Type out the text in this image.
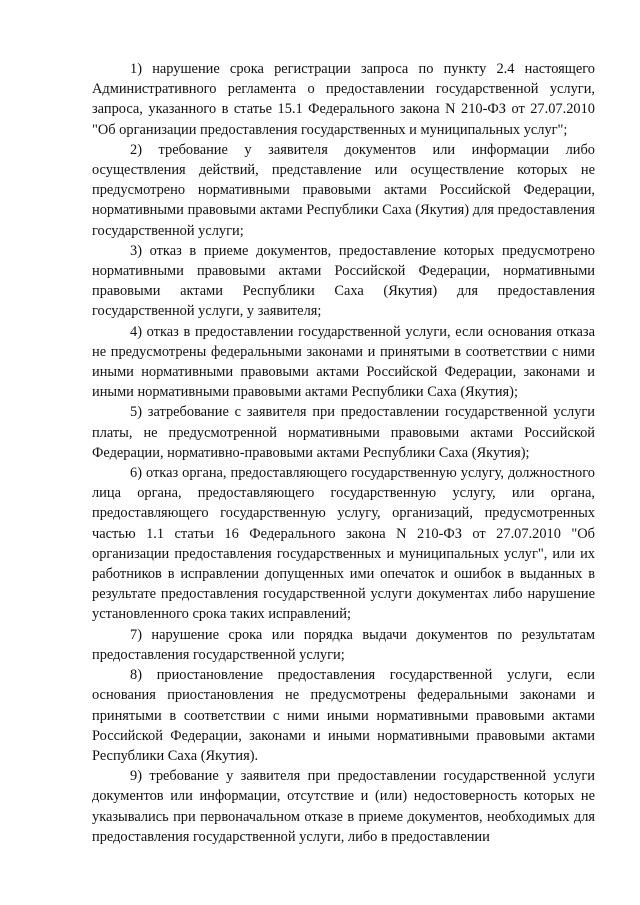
1) нарушение срока регистрации запроса по пункту 2.4 настоящего Административного регламента о предоставлении государственной услуги, запроса, указанного в статье 15.1 Федерального закона N 210-ФЗ от 27.07.2010 "Об организации предоставления государственных и муниципальных услуг";

2) требование у заявителя документов или информации либо осуществления действий, представление или осуществление которых не предусмотрено нормативными правовыми актами Российской Федерации, нормативными правовыми актами Республики Саха (Якутия) для предоставления государственной услуги;

3) отказ в приеме документов, предоставление которых предусмотрено нормативными правовыми актами Российской Федерации, нормативными правовыми актами Республики Саха (Якутия) для предоставления государственной услуги, у заявителя;

4) отказ в предоставлении государственной услуги, если основания отказа не предусмотрены федеральными законами и принятыми в соответствии с ними иными нормативными правовыми актами Российской Федерации, законами и иными нормативными правовыми актами Республики Саха (Якутия);

5) затребование с заявителя при предоставлении государственной услуги платы, не предусмотренной нормативными правовыми актами Российской Федерации, нормативно-правовыми актами Республики Саха (Якутия);

6) отказ органа, предоставляющего государственную услугу, должностного лица органа, предоставляющего государственную услугу, или органа, предоставляющего государственную услугу, организаций, предусмотренных частью 1.1 статьи 16 Федерального закона N 210-ФЗ от 27.07.2010 "Об организации предоставления государственных и муниципальных услуг", или их работников в исправлении допущенных ими опечаток и ошибок в выданных в результате предоставления государственной услуги документах либо нарушение установленного срока таких исправлений;

7) нарушение срока или порядка выдачи документов по результатам предоставления государственной услуги;

8) приостановление предоставления государственной услуги, если основания приостановления не предусмотрены федеральными законами и принятыми в соответствии с ними иными нормативными правовыми актами Российской Федерации, законами и иными нормативными правовыми актами Республики Саха (Якутия).

9) требование у заявителя при предоставлении государственной услуги документов или информации, отсутствие и (или) недостоверность которых не указывались при первоначальном отказе в приеме документов, необходимых для предоставления государственной услуги, либо в предоставлении
